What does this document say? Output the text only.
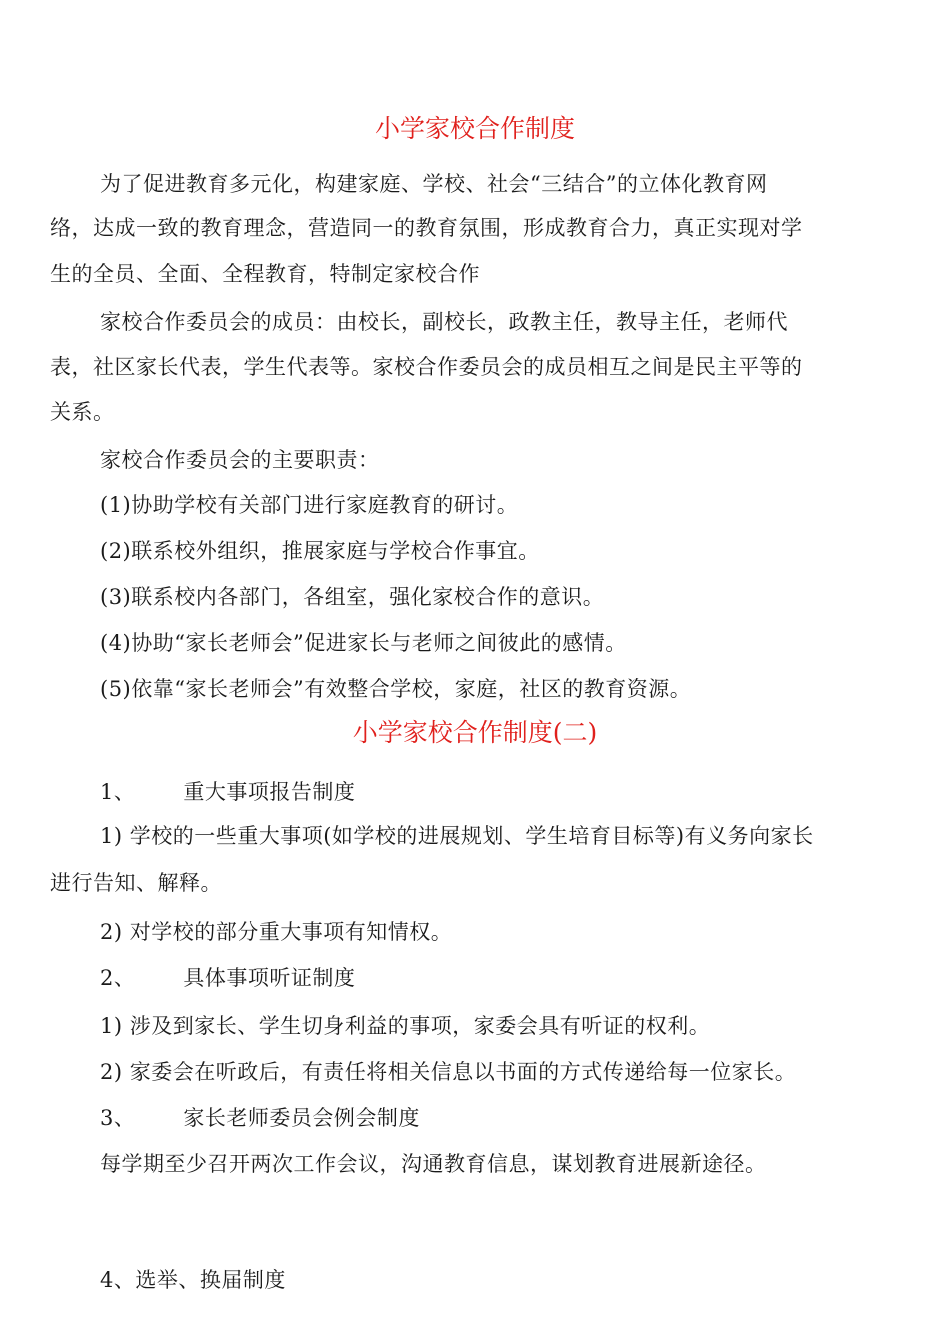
小学家校合作制度
为了促进教育多元化，构建家庭、学校、社会“三结合”的立体化教育网
络，达成一致的教育理念，营造同一的教育氛围，形成教育合力，真正实现对学
生的全员、全面、全程教育，特制定家校合作
家校合作委员会的成员：由校长，副校长，政教主任，教导主任，老师代
表，社区家长代表，学生代表等。家校合作委员会的成员相互之间是民主平等的
关系。
家校合作委员会的主要职责：
(1)协助学校有关部门进行家庭教育的研讨。
(2)联系校外组织，推展家庭与学校合作事宜。
(3)联系校内各部门，各组室，强化家校合作的意识。
(4)协助“家长老师会”促进家长与老师之间彼此的感情。
(5)依靠“家长老师会”有效整合学校，家庭，社区的教育资源。
小学家校合作制度(二)
1、 重大事项报告制度
1) 学校的一些重大事项(如学校的进展规划、学生培育目标等)有义务向家长
进行告知、解释。
2) 对学校的部分重大事项有知情权。
2、 具体事项听证制度
1) 涉及到家长、学生切身利益的事项，家委会具有听证的权利。
2) 家委会在听政后，有责任将相关信息以书面的方式传递给每一位家长。
3、 家长老师委员会例会制度
每学期至少召开两次工作会议，沟通教育信息，谋划教育进展新途径。
4、选举、换届制度
